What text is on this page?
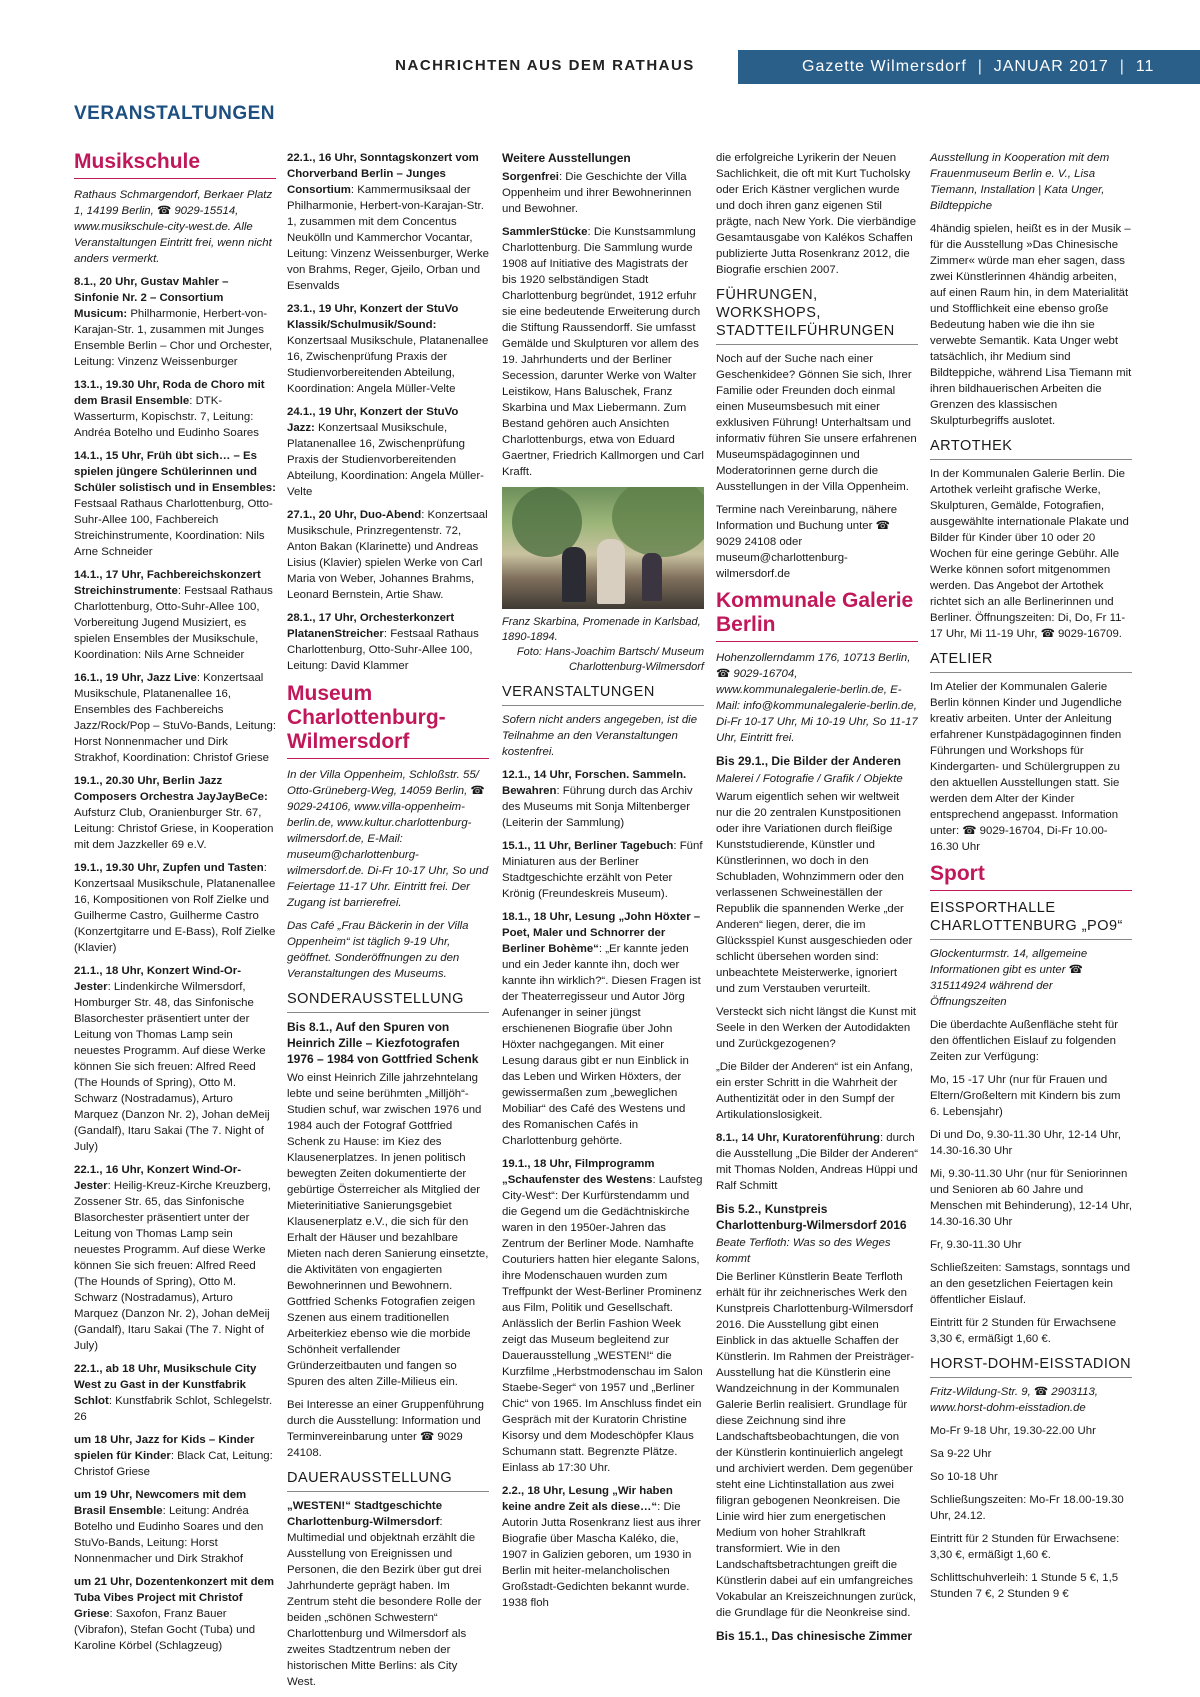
NACHRICHTEN AUS DEM RATHAUS	Gazette Wilmersdorf | JANUAR 2017 | 11
VERANSTALTUNGEN
Musikschule

Rathaus Schmargendorf, Berkaer Platz 1, 14199 Berlin, ☎ 9029-15514, www.musikschule-city-west.de. Alle Veranstaltungen Eintritt frei, wenn nicht anders vermerkt.

8.1., 20 Uhr, Gustav Mahler – Sinfonie Nr. 2 – Consortium Musicum: Philharmonie, Herbert-von-Karajan-Str. 1, zusammen mit Junges Ensemble Berlin – Chor und Orchester, Leitung: Vinzenz Weissenburger

13.1., 19.30 Uhr, Roda de Choro mit dem Brasil Ensemble: DTK-Wasserturm, Kopischstr. 7, Leitung: Andréa Botelho und Eudinho Soares

14.1., 15 Uhr, Früh übt sich… – Es spielen jüngere Schülerinnen und Schüler solistisch und in Ensembles: Festsaal Rathaus Charlottenburg, Otto-Suhr-Allee 100, Fachbereich Streichinstrumente, Koordination: Nils Arne Schneider

14.1., 17 Uhr, Fachbereichskonzert Streichinstrumente: Festsaal Rathaus Charlottenburg, Otto-Suhr-Allee 100, Vorbereitung Jugend Musiziert, es spielen Ensembles der Musikschule, Koordination: Nils Arne Schneider

16.1., 19 Uhr, Jazz Live: Konzertsaal Musikschule, Platanenallee 16, Ensembles des Fachbereichs Jazz/Rock/Pop – StuVo-Bands, Leitung: Horst Nonnenmacher und Dirk Strakhof, Koordination: Christof Griese

19.1., 20.30 Uhr, Berlin Jazz Composers Orchestra JayJayBeCe: Aufsturz Club, Oranienburger Str. 67, Leitung: Christof Griese, in Kooperation mit dem Jazzkeller 69 e.V.

19.1., 19.30 Uhr, Zupfen und Tasten: Konzertsaal Musikschule, Platanenallee 16, Kompositionen von Rolf Zielke und Guilherme Castro, Guilherme Castro (Konzertgitarre und E-Bass), Rolf Zielke (Klavier)

21.1., 18 Uhr, Konzert Wind-Or-Jester: Lindenkirche Wilmersdorf, Homburger Str. 48, das Sinfonische Blasorchester präsentiert unter der Leitung von Thomas Lamp sein neuestes Programm. Auf diese Werke können Sie sich freuen: Alfred Reed (The Hounds of Spring), Otto M. Schwarz (Nostradamus), Arturo Marquez (Danzon Nr. 2), Johan deMeij (Gandalf), Itaru Sakai (The 7. Night of July)

22.1., 16 Uhr, Konzert Wind-Or-Jester: Heilig-Kreuz-Kirche Kreuzberg, Zossener Str. 65, das Sinfonische Blasorchester präsentiert unter der Leitung von Thomas Lamp sein neuestes Programm. Auf diese Werke können Sie sich freuen: Alfred Reed (The Hounds of Spring), Otto M. Schwarz (Nostradamus), Arturo Marquez (Danzon Nr. 2), Johan deMeij (Gandalf), Itaru Sakai (The 7. Night of July)

22.1., ab 18 Uhr, Musikschule City West zu Gast in der Kunstfabrik Schlot: Kunstfabrik Schlot, Schlegelstr. 26

um 18 Uhr, Jazz for Kids – Kinder spielen für Kinder: Black Cat, Leitung: Christof Griese

um 19 Uhr, Newcomers mit dem Brasil Ensemble: Leitung: Andréa Botelho und Eudinho Soares und den StuVo-Bands, Leitung: Horst Nonnenmacher und Dirk Strakhof

um 21 Uhr, Dozentenkonzert mit dem Tuba Vibes Project mit Christof Griese: Saxofon, Franz Bauer (Vibrafon), Stefan Gocht (Tuba) und Karoline Körbel (Schlagzeug)

22.1., 16 Uhr, Sonntagskonzert vom Chorverband Berlin – Junges Consortium: Kammermusiksaal der Philharmonie, Herbert-von-Karajan-Str. 1, zusammen mit dem Concentus Neukölln und Kammerchor Vocantar, Leitung: Vinzenz Weissenburger, Werke von Brahms, Reger, Gjeilo, Orban und Esenvalds

23.1., 19 Uhr, Konzert der StuVo Klassik/Schulmusik/Sound: Konzertsaal Musikschule, Platanenallee 16, Zwischenprüfung Praxis der Studienvorbereitenden Abteilung, Koordination: Angela Müller-Velte

24.1., 19 Uhr, Konzert der StuVo Jazz: Konzertsaal Musikschule, Platanenallee 16, Zwischenprüfung Praxis der Studienvorbereitenden Abteilung, Koordination: Angela Müller-Velte

27.1., 20 Uhr, Duo-Abend: Konzertsaal Musikschule, Prinzregentenstr. 72, Anton Bakan (Klarinette) und Andreas Lisius (Klavier) spielen Werke von Carl Maria von Weber, Johannes Brahms, Leonard Bernstein, Artie Shaw.

28.1., 17 Uhr, Orchesterkonzert PlatanenStreicher: Festsaal Rathaus Charlottenburg, Otto-Suhr-Allee 100, Leitung: David Klammer

Museum Charlottenburg-Wilmersdorf

In der Villa Oppenheim, Schloßstr. 55/ Otto-Grüneberg-Weg, 14059 Berlin, ☎ 9029-24106, www.villa-oppenheim-berlin.de, www.kultur.charlottenburg-wilmersdorf.de, E-Mail: museum@charlottenburg-wilmersdorf.de. Di-Fr 10-17 Uhr, So und Feiertage 11-17 Uhr. Eintritt frei. Der Zugang ist barrierefrei.

Das Café „Frau Bäckerin in der Villa Oppenheim“ ist täglich 9-19 Uhr, geöffnet. Sonderöffnungen zu den Veranstaltungen des Museums.

SONDERAUSSTELLUNG

Bis 8.1., Auf den Spuren von Heinrich Zille – Kiezfotografen 1976 – 1984 von Gottfried Schenk

Wo einst Heinrich Zille jahrzehntelang lebte und seine berühmten „Milljöh“-Studien schuf, war zwischen 1976 und 1984 auch der Fotograf Gottfried Schenk zu Hause: im Kiez des Klausenerplatzes. In jenen politisch bewegten Zeiten dokumentierte der gebürtige Österreicher als Mitglied der Mieterinitiative Sanierungsgebiet Klausenerplatz e.V., die sich für den Erhalt der Häuser und bezahlbare Mieten nach deren Sanierung einsetzte, die Aktivitäten von engagierten Bewohnerinnen und Bewohnern. Gottfried Schenks Fotografien zeigen Szenen aus einem traditionellen Arbeiterkiez ebenso wie die morbide Schönheit verfallender Gründerzeitbauten und fangen so Spuren des alten Zille-Milieus ein.

Bei Interesse an einer Gruppenführung durch die Ausstellung: Information und Terminvereinbarung unter ☎ 9029 24108.

DAUERAUSSTELLUNG

„WESTEN!“ Stadtgeschichte Charlottenburg-Wilmersdorf: Multimedial und objektnah erzählt die Ausstellung von Ereignissen und Personen, die den Bezirk über gut drei Jahrhunderte geprägt haben. Im Zentrum steht die besondere Rolle der beiden „schönen Schwestern“ Charlottenburg und Wilmersdorf als zweites Stadtzentrum neben der historischen Mitte Berlins: als City West.

Weitere Ausstellungen

Sorgenfrei: Die Geschichte der Villa Oppenheim und ihrer Bewohnerinnen und Bewohner.

SammlerStücke: Die Kunstsammlung Charlottenburg. Die Sammlung wurde 1908 auf Initiative des Magistrats der bis 1920 selbständigen Stadt Charlottenburg begründet, 1912 erfuhr sie eine bedeutende Erweiterung durch die Stiftung Raussendorff. Sie umfasst Gemälde und Skulpturen vor allem des 19. Jahrhunderts und der Berliner Secession, darunter Werke von Walter Leistikow, Hans Baluschek, Franz Skarbina und Max Liebermann. Zum Bestand gehören auch Ansichten Charlottenburgs, etwa von Eduard Gaertner, Friedrich Kallmorgen und Carl Krafft.

Franz Skarbina, Promenade in Karlsbad, 1890-1894.
Foto: Hans-Joachim Bartsch/ Museum Charlottenburg-Wilmersdorf

VERANSTALTUNGEN

Sofern nicht anders angegeben, ist die Teilnahme an den Veranstaltungen kostenfrei.

12.1., 14 Uhr, Forschen. Sammeln. Bewahren: Führung durch das Archiv des Museums mit Sonja Miltenberger (Leiterin der Sammlung)

15.1., 11 Uhr, Berliner Tagebuch: Fünf Miniaturen aus der Berliner Stadtgeschichte erzählt von Peter Krönig (Freundeskreis Museum).

18.1., 18 Uhr, Lesung „John Höxter – Poet, Maler und Schnorrer der Berliner Bohème“: „Er kannte jeden und ein Jeder kannte ihn, doch wer kannte ihn wirklich?“. Diesen Fragen ist der Theaterregisseur und Autor Jörg Aufenanger in seiner jüngst erschienenen Biografie über John Höxter nachgegangen. Mit einer Lesung daraus gibt er nun Einblick in das Leben und Wirken Höxters, der gewissermaßen zum „beweglichen Mobiliar“ des Café des Westens und des Romanischen Cafés in Charlottenburg gehörte.

19.1., 18 Uhr, Filmprogramm „Schaufenster des Westens: Laufsteg City-West“: Der Kurfürstendamm und die Gegend um die Gedächtniskirche waren in den 1950er-Jahren das Zentrum der Berliner Mode. Namhafte Couturiers hatten hier elegante Salons, ihre Modenschauen wurden zum Treffpunkt der West-Berliner Prominenz aus Film, Politik und Gesellschaft. Anlässlich der Berlin Fashion Week zeigt das Museum begleitend zur Dauerausstellung „WESTEN!“ die Kurzfilme „Herbstmodenschau im Salon Staebe-Seger“ von 1957 und „Berliner Chic“ von 1965. Im Anschluss findet ein Gespräch mit der Kuratorin Christine Kisorsy und dem Modeschöpfer Klaus Schumann statt. Begrenzte Plätze. Einlass ab 17:30 Uhr.

2.2., 18 Uhr, Lesung „Wir haben keine andre Zeit als diese…“: Die Autorin Jutta Rosenkranz liest aus ihrer Biografie über Mascha Kaléko, die, 1907 in Galizien geboren, um 1930 in Berlin mit heiter-melancholischen Großstadt-Gedichten bekannt wurde. 1938 floh

die erfolgreiche Lyrikerin der Neuen Sachlichkeit, die oft mit Kurt Tucholsky oder Erich Kästner verglichen wurde und doch ihren ganz eigenen Stil prägte, nach New York. Die vierbändige Gesamtausgabe von Kalékos Schaffen publizierte Jutta Rosenkranz 2012, die Biografie erschien 2007.

FÜHRUNGEN, WORKSHOPS, STADTTEILFÜHRUNGEN

Noch auf der Suche nach einer Geschenkidee? Gönnen Sie sich, Ihrer Familie oder Freunden doch einmal einen Museumsbesuch mit einer exklusiven Führung! Unterhaltsam und informativ führen Sie unsere erfahrenen Museumspädagoginnen und Moderatorinnen gerne durch die Ausstellungen in der Villa Oppenheim.

Termine nach Vereinbarung, nähere Information und Buchung unter ☎ 9029 24108 oder museum@charlottenburg-wilmersdorf.de

Kommunale Galerie Berlin

Hohenzollerndamm 176, 10713 Berlin, ☎ 9029-16704, www.kommunalegalerie-berlin.de, E-Mail: info@kommunalegalerie-berlin.de, Di-Fr 10-17 Uhr, Mi 10-19 Uhr, So 11-17 Uhr, Eintritt frei.

Bis 29.1., Die Bilder der Anderen

Malerei / Fotografie / Grafik / Objekte

Warum eigentlich sehen wir weltweit nur die 20 zentralen Kunstpositionen oder ihre Variationen durch fleißige Kunststudierende, Künstler und Künstlerinnen, wo doch in den Schubladen, Wohnzimmern oder den verlassenen Schweineställen der Republik die spannenden Werke „der Anderen“ liegen, derer, die im Glücksspiel Kunst ausgeschieden oder schlicht übersehen worden sind: unbeachtete Meisterwerke, ignoriert und zum Verstauben verurteilt.

Versteckt sich nicht längst die Kunst mit Seele in den Werken der Autodidakten und Zurückgezogenen?

„Die Bilder der Anderen“ ist ein Anfang, ein erster Schritt in die Wahrheit der Authentizität oder in den Sumpf der Artikulationslosigkeit.

8.1., 14 Uhr, Kuratorenführung: durch die Ausstellung „Die Bilder der Anderen“ mit Thomas Nolden, Andreas Hüppi und Ralf Schmitt

Bis 5.2., Kunstpreis Charlottenburg-Wilmersdorf 2016

Beate Terfloth: Was so des Weges kommt

Die Berliner Künstlerin Beate Terfloth erhält für ihr zeichnerisches Werk den Kunstpreis Charlottenburg-Wilmersdorf 2016. Die Ausstellung gibt einen Einblick in das aktuelle Schaffen der Künstlerin. Im Rahmen der Preisträger-Ausstellung hat die Künstlerin eine Wandzeichnung in der Kommunalen Galerie Berlin realisiert. Grundlage für diese Zeichnung sind ihre Landschaftsbeobachtungen, die von der Künstlerin kontinuierlich angelegt und archiviert werden. Dem gegenüber steht eine Lichtinstallation aus zwei filigran gebogenen Neonkreisen. Die Linie wird hier zum energetischen Medium von hoher Strahlkraft transformiert. Wie in den Landschaftsbetrachtungen greift die Künstlerin dabei auf ein umfangreiches Vokabular an Kreiszeichnungen zurück, die Grundlage für die Neonkreise sind.

Bis 15.1., Das chinesische Zimmer

Ausstellung in Kooperation mit dem Frauenmuseum Berlin e. V., Lisa Tiemann, Installation | Kata Unger, Bildteppiche

4händig spielen, heißt es in der Musik – für die Ausstellung »Das Chinesische Zimmer« würde man eher sagen, dass zwei Künstlerinnen 4händig arbeiten, auf einen Raum hin, in dem Materialität und Stofflichkeit eine ebenso große Bedeutung haben wie die ihn sie verwebte Semantik. Kata Unger webt tatsächlich, ihr Medium sind Bildteppiche, während Lisa Tiemann mit ihren bildhauerischen Arbeiten die Grenzen des klassischen Skulpturbegriffs auslotet.

ARTOTHEK

In der Kommunalen Galerie Berlin. Die Artothek verleiht grafische Werke, Skulpturen, Gemälde, Fotografien, ausgewählte internationale Plakate und Bilder für Kinder über 10 oder 20 Wochen für eine geringe Gebühr. Alle Werke können sofort mitgenommen werden. Das Angebot der Artothek richtet sich an alle Berlinerinnen und Berliner. Öffnungszeiten: Di, Do, Fr 11-17 Uhr, Mi 11-19 Uhr, ☎ 9029-16709.

ATELIER

Im Atelier der Kommunalen Galerie Berlin können Kinder und Jugendliche kreativ arbeiten. Unter der Anleitung erfahrener Kunstpädagoginnen finden Führungen und Workshops für Kindergarten- und Schülergruppen zu den aktuellen Ausstellungen statt. Sie werden dem Alter der Kinder entsprechend angepasst. Information unter: ☎ 9029-16704, Di-Fr 10.00-16.30 Uhr

Sport
EISSPORTHALLE CHARLOTTENBURG „PO9“

Glockenturmstr. 14, allgemeine Informationen gibt es unter ☎ 315114924 während der Öffnungszeiten

Die überdachte Außenfläche steht für den öffentlichen Eislauf zu folgenden Zeiten zur Verfügung:

Mo, 15 -17 Uhr (nur für Frauen und Eltern/Großeltern mit Kindern bis zum 6. Lebensjahr)

Di und Do, 9.30-11.30 Uhr, 12-14 Uhr, 14.30-16.30 Uhr

Mi, 9.30-11.30 Uhr (nur für Seniorinnen und Senioren ab 60 Jahre und Menschen mit Behinderung), 12-14 Uhr, 14.30-16.30 Uhr

Fr, 9.30-11.30 Uhr

Schließzeiten: Samstags, sonntags und an den gesetzlichen Feiertagen kein öffentlicher Eislauf.

Eintritt für 2 Stunden für Erwachsene 3,30 €, ermäßigt 1,60 €.

HORST-DOHM-EISSTADION

Fritz-Wildung-Str. 9, ☎ 2903113, www.horst-dohm-eisstadion.de

Mo-Fr 9-18 Uhr, 19.30-22.00 Uhr

Sa 9-22 Uhr

So 10-18 Uhr

Schließungszeiten: Mo-Fr 18.00-19.30 Uhr, 24.12.

Eintritt für 2 Stunden für Erwachsene: 3,30 €, ermäßigt 1,60 €.

Schlittschuhverleih: 1 Stunde 5 €, 1,5 Stunden 7 €, 2 Stunden 9 €
